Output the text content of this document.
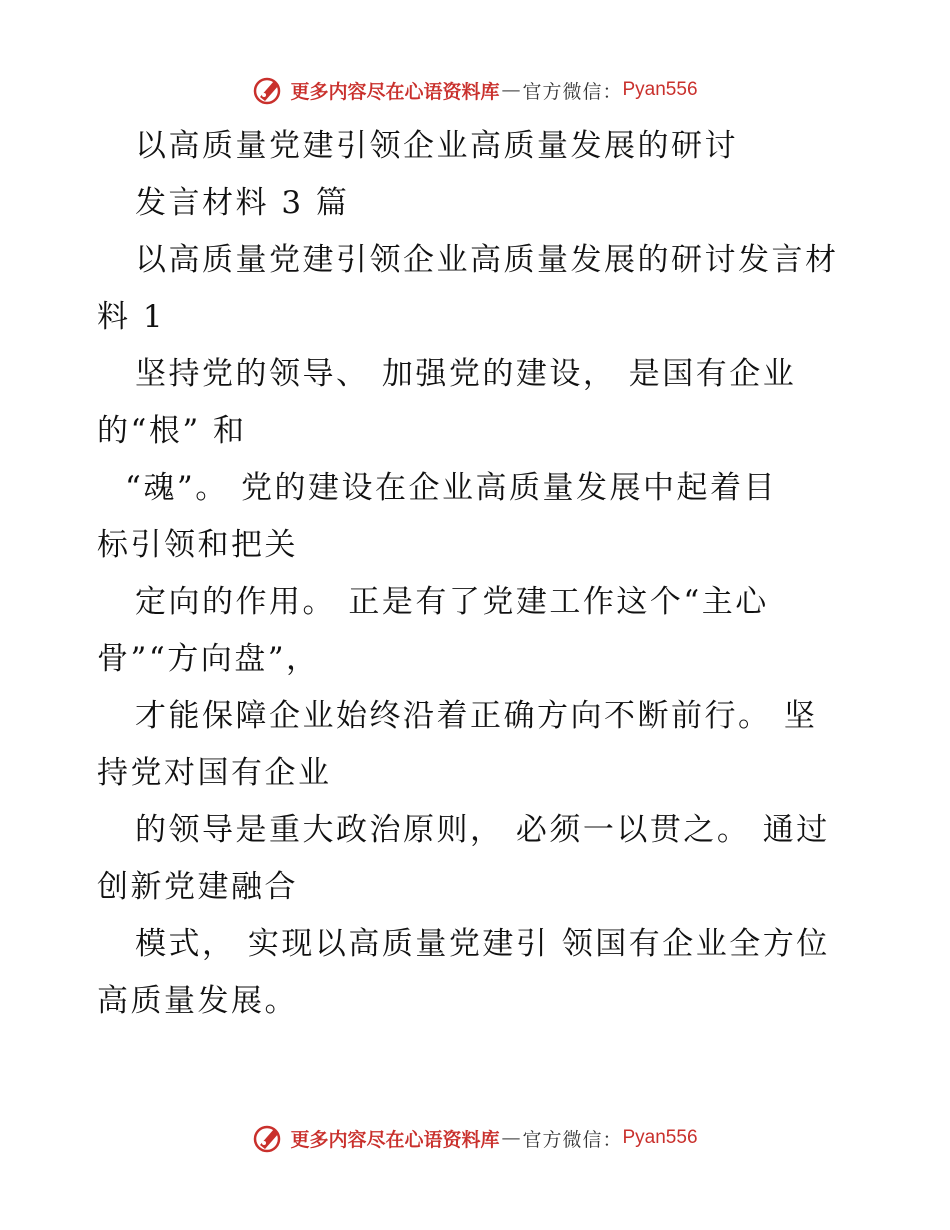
更多内容尽在心语资料库 — 官方微信： Pyan556
以高质量党建引领企业高质量发展的研讨
发言材料 3 篇
以高质量党建引领企业高质量发展的研讨发言材
料 1
坚持党的领导、 加强党的建设， 是国有企业
的“根” 和
“魂”。 党的建设在企业高质量发展中起着目
标引领和把关
定向的作用。 正是有了党建工作这个“主心
骨”“方向盘”，
才能保障企业始终沿着正确方向不断前行。 坚
持党对国有企业
的领导是重大政治原则， 必须一以贯之。 通过
创新党建融合
模式， 实现以高质量党建引 领国有企业全方位
高质量发展。
更多内容尽在心语资料库 — 官方微信： Pyan556
